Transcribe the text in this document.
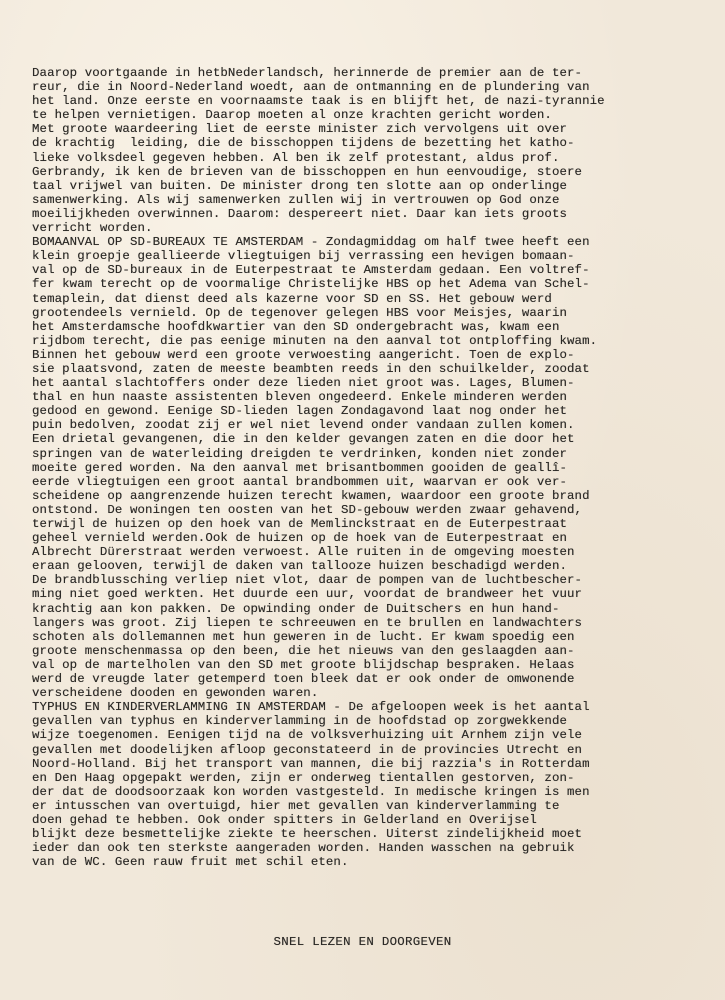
Daarop voortgaande in hetbNederlandsch, herinnerde de premier aan de ter-
reur, die in Noord-Nederland woedt, aan de ontmanning en de plundering van
het land. Onze eerste en voornaamste taak is en blijft het, de nazi-tyrannie
te helpen vernietigen. Daarop moeten al onze krachten gericht worden.
Met groote waardeering liet de eerste minister zich vervolgens uit over
de krachtig  leiding, die de bisschoppen tijdens de bezetting het katho-
lieke volksdeel gegeven hebben. Al ben ik zelf protestant, aldus prof.
Gerbrandy, ik ken de brieven van de bisschoppen en hun eenvoudige, stoere
taal vrijwel van buiten. De minister drong ten slotte aan op onderlinge
samenwerking. Als wij samenwerken zullen wij in vertrouwen op God onze
moeilijkheden overwinnen. Daarom: despereert niet. Daar kan iets groots
verricht worden.
BOMAANVAL OP SD-BUREAUX TE AMSTERDAM - Zondagmiddag om half twee heeft een
klein groepje geallieerde vliegtuigen bij verrassing een hevigen bomaan-
val op de SD-bureaux in de Euterpestraat te Amsterdam gedaan. Een voltref-
fer kwam terecht op de voormalige Christelijke HBS op het Adema van Schel-
temaplein, dat dienst deed als kazerne voor SD en SS. Het gebouw werd
grootendeels vernield. Op de tegenover gelegen HBS voor Meisjes, waarin
het Amsterdamsche hoofdkwartier van den SD ondergebracht was, kwam een
rijdbom terecht, die pas eenige minuten na den aanval tot ontploffing kwam.
Binnen het gebouw werd een groote verwoesting aangericht. Toen de explo-
sie plaatsvond, zaten de meeste beambten reeds in den schuilkelder, zoodat
het aantal slachtoffers onder deze lieden niet groot was. Lages, Blumen-
thal en hun naaste assistenten bleven ongedeerd. Enkele minderen werden
gedood en gewond. Eenige SD-lieden lagen Zondagavond laat nog onder het
puin bedolven, zoodat zij er wel niet levend onder vandaan zullen komen.
Een drietal gevangenen, die in den kelder gevangen zaten en die door het
springen van de waterleiding dreigden te verdrinken, konden niet zonder
moeite gered worden. Na den aanval met brisantbommen gooiden de geallî-
eerde vliegtuigen een groot aantal brandbommen uit, waarvan er ook ver-
scheidene op aangrenzende huizen terecht kwamen, waardoor een groote brand
ontstond. De woningen ten oosten van het SD-gebouw werden zwaar gehavend,
terwijl de huizen op den hoek van de Memlinckstraat en de Euterpestraat
geheel vernield werden.Ook de huizen op de hoek van de Euterpestraat en
Albrecht Dürerstraat werden verwoest. Alle ruiten in de omgeving moesten
eraan gelooven, terwijl de daken van tallooze huizen beschadigd werden.
De brandblussching verliep niet vlot, daar de pompen van de luchtbescher-
ming niet goed werkten. Het duurde een uur, voordat de brandweer het vuur
krachtig aan kon pakken. De opwinding onder de Duitschers en hun hand-
langers was groot. Zij liepen te schreeuwen en te brullen en landwachters
schoten als dollemannen met hun geweren in de lucht. Er kwam spoedig een
groote menschenmassa op den been, die het nieuws van den geslaagden aan-
val op de martelholen van den SD met groote blijdschap bespraken. Helaas
werd de vreugde later getemperd toen bleek dat er ook onder de omwonende
verscheidene dooden en gewonden waren.
TYPHUS EN KINDERVERLAMMING IN AMSTERDAM - De afgeloopen week is het aantal
gevallen van typhus en kinderverlamming in de hoofdstad op zorgwekkende
wijze toegenomen. Eenigen tijd na de volksverhuizing uit Arnhem zijn vele
gevallen met doodelijken afloop geconstateerd in de provincies Utrecht en
Noord-Holland. Bij het transport van mannen, die bij razzia's in Rotterdam
en Den Haag opgepakt werden, zijn er onderweg tientallen gestorven, zon-
der dat de doodsoorzaak kon worden vastgesteld. In medische kringen is men
er intusschen van overtuigd, hier met gevallen van kinderverlamming te
doen gehad te hebben. Ook onder spitters in Gelderland en Overijsel
blijkt deze besmettelijke ziekte te heerschen. Uiterst zindelijkheid moet
ieder dan ook ten sterkste aangeraden worden. Handen wasschen na gebruik
van de WC. Geen rauw fruit met schil eten.
SNEL LEZEN EN DOORGEVEN
